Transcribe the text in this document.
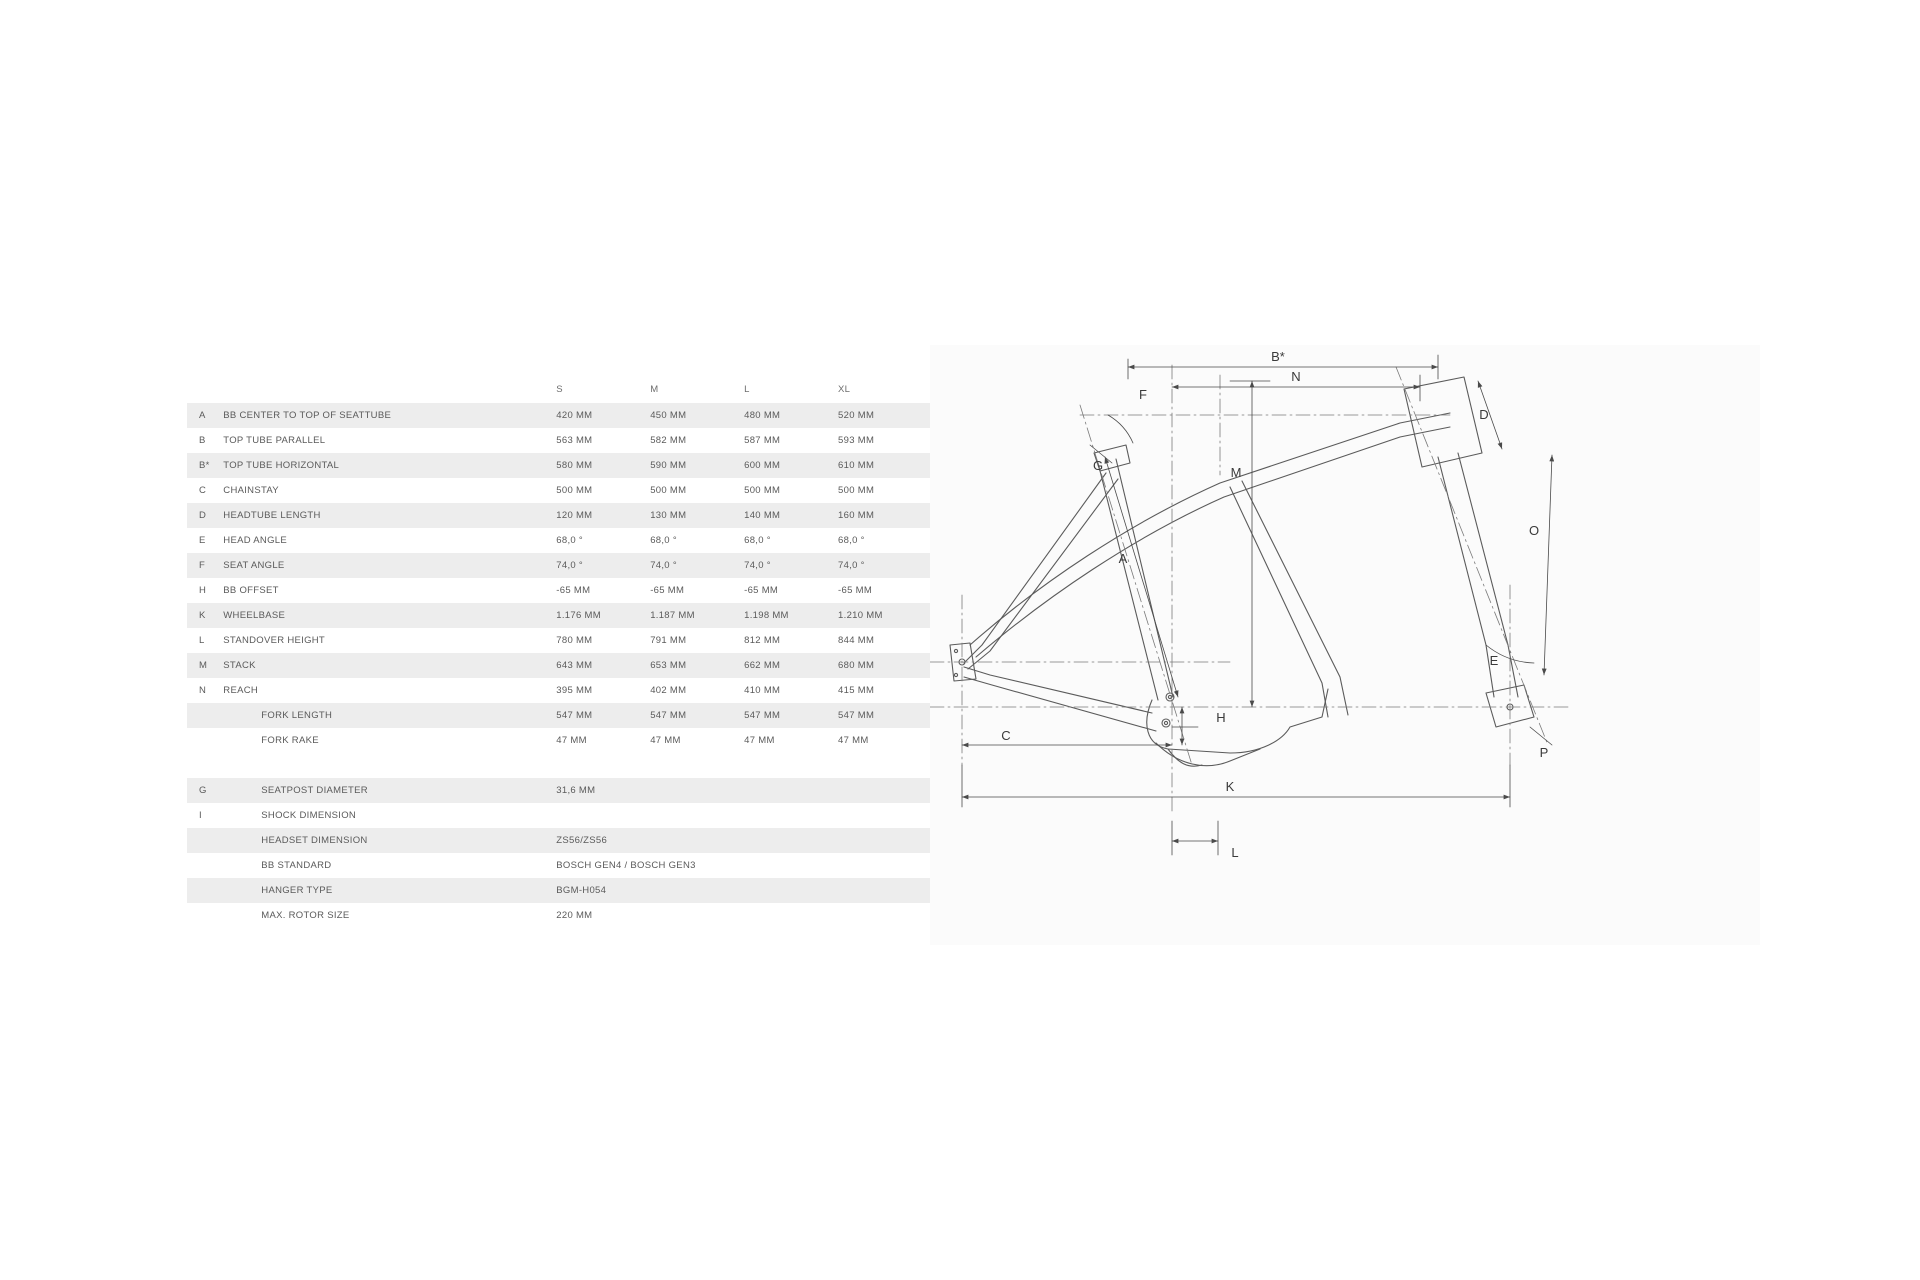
		S	M	L	XL
A	BB CENTER TO TOP OF SEATTUBE	420 MM	450 MM	480 MM	520 MM
B	TOP TUBE PARALLEL	563 MM	582 MM	587 MM	593 MM
B*	TOP TUBE HORIZONTAL	580 MM	590 MM	600 MM	610 MM
C	CHAINSTAY	500 MM	500 MM	500 MM	500 MM
D	HEADTUBE LENGTH	120 MM	130 MM	140 MM	160 MM
E	HEAD ANGLE	68,0 °	68,0 °	68,0 °	68,0 °
F	SEAT ANGLE	74,0 °	74,0 °	74,0 °	74,0 °
H	BB OFFSET	-65 MM	-65 MM	-65 MM	-65 MM
K	WHEELBASE	1.176 MM	1.187 MM	1.198 MM	1.210 MM
L	STANDOVER HEIGHT	780 MM	791 MM	812 MM	844 MM
M	STACK	643 MM	653 MM	662 MM	680 MM
N	REACH	395 MM	402 MM	410 MM	415 MM
	FORK LENGTH	547 MM	547 MM	547 MM	547 MM
	FORK RAKE	47 MM	47 MM	47 MM	47 MM

G	SEATPOST DIAMETER	31,6 MM			
I	SHOCK DIMENSION				
	HEADSET DIMENSION	ZS56/ZS56			
	BB STANDARD	BOSCH GEN4 / BOSCH GEN3			
	HANGER TYPE	BGM-H054			
	MAX. ROTOR SIZE	220 MM			
B*
N
M
F
G
A
D
O
E
P
C
H
K
L
